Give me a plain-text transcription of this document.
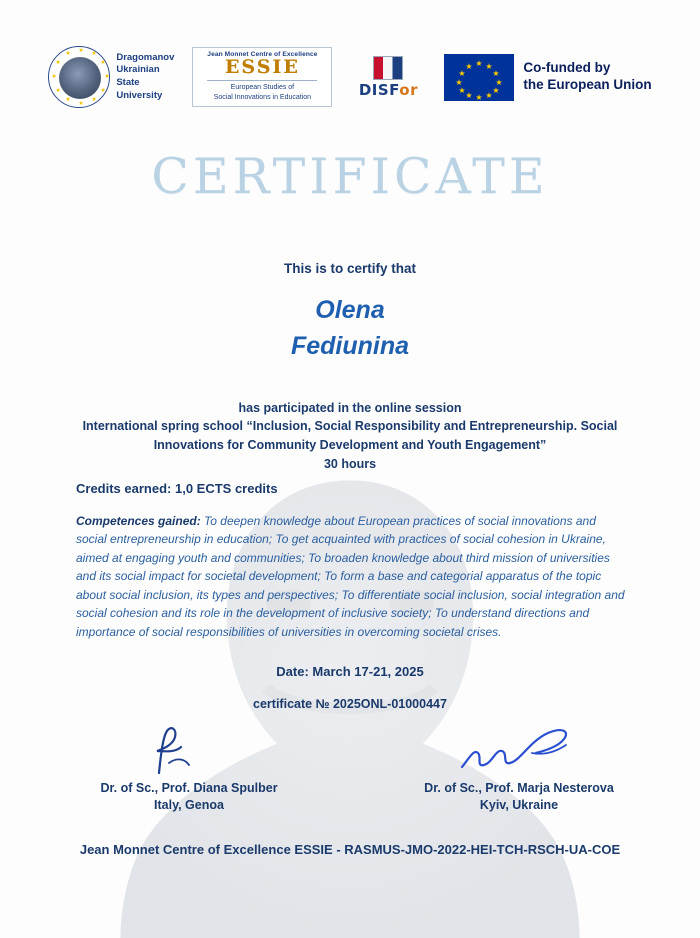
★ ★
★
★
★
★
★
★
★
★
★
★	Dragomanov
Ukrainian
State
University
Jean Monnet Centre of Excellence
ESSIE
European Studies of
Social Innovations in Education	DISFor
★ ★
★
★
★
★
★
★
★
★
★
★	Co-funded by
the European Union
CERTIFICATE
This is to certify that
Olena
Fediunina
has participated in the online session
International spring school “Inclusion, Social Responsibility and Entrepreneurship. Social Innovations for Community Development and Youth Engagement”
30 hours
Credits earned: 1,0 ECTS credits
Competences gained: To deepen knowledge about European practices of social innovations and social entrepreneurship in education; To get acquainted with practices of social cohesion in Ukraine, aimed at engaging youth and communities; To broaden knowledge about third mission of universities and its social impact for societal development; To form a base and categorial apparatus of the topic about social inclusion, its types and perspectives; To differentiate social inclusion, social integration and social cohesion and its role in the development of inclusive society; To understand directions and importance of social responsibilities of universities in overcoming societal crises.
Date: March 17-21, 2025
certificate № 2025ONL-01000447
Dr. of Sc., Prof. Diana Spulber
Italy, Genoa
Dr. of Sc., Prof. Marja Nesterova
Kyiv, Ukraine
Jean Monnet Centre of Excellence ESSIE - RASMUS-JMO-2022-HEI-TCH-RSCH-UA-COE
